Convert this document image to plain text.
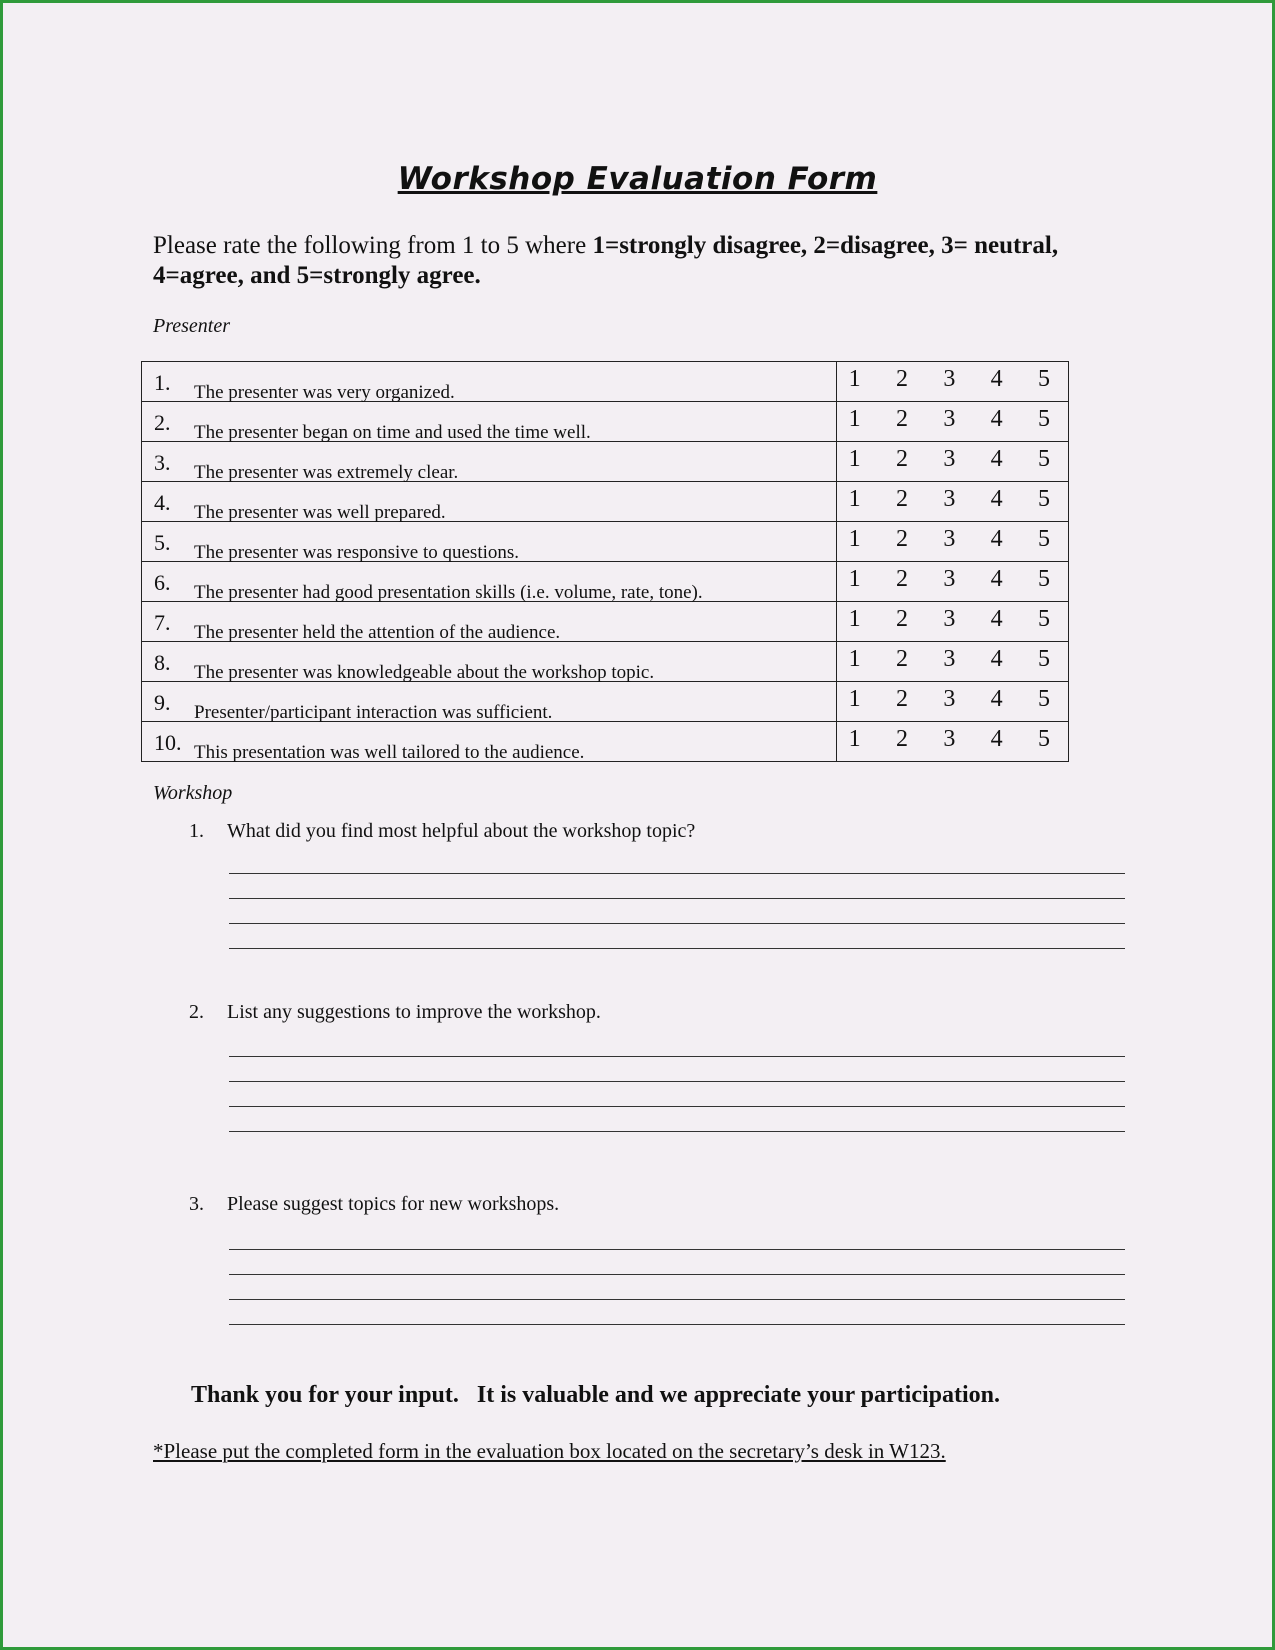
Workshop Evaluation Form
Please rate the following from 1 to 5 where 1=strongly disagree, 2=disagree, 3= neutral, 4=agree, and 5=strongly agree.
Presenter
1. The presenter was very organized.	1 2 3 4 5

2. The presenter began on time and used the time well.	1 2 3 4 5

3. The presenter was extremely clear.	1 2 3 4 5

4. The presenter was well prepared.	1 2 3 4 5

5. The presenter was responsive to questions.	1 2 3 4 5

6. The presenter had good presentation skills (i.e. volume, rate, tone).	1 2 3 4 5

7. The presenter held the attention of the audience.	1 2 3 4 5

8. The presenter was knowledgeable about the workshop topic.	1 2 3 4 5

9. Presenter/participant interaction was sufficient.	1 2 3 4 5

10. This presentation was well tailored to the audience.	1 2 3 4 5
Workshop
1. What did you find most helpful about the workshop topic?
2. List any suggestions to improve the workshop.
3. Please suggest topics for new workshops.
Thank you for your input.   It is valuable and we appreciate your participation.
*Please put the completed form in the evaluation box located on the secretary’s desk in W123.
